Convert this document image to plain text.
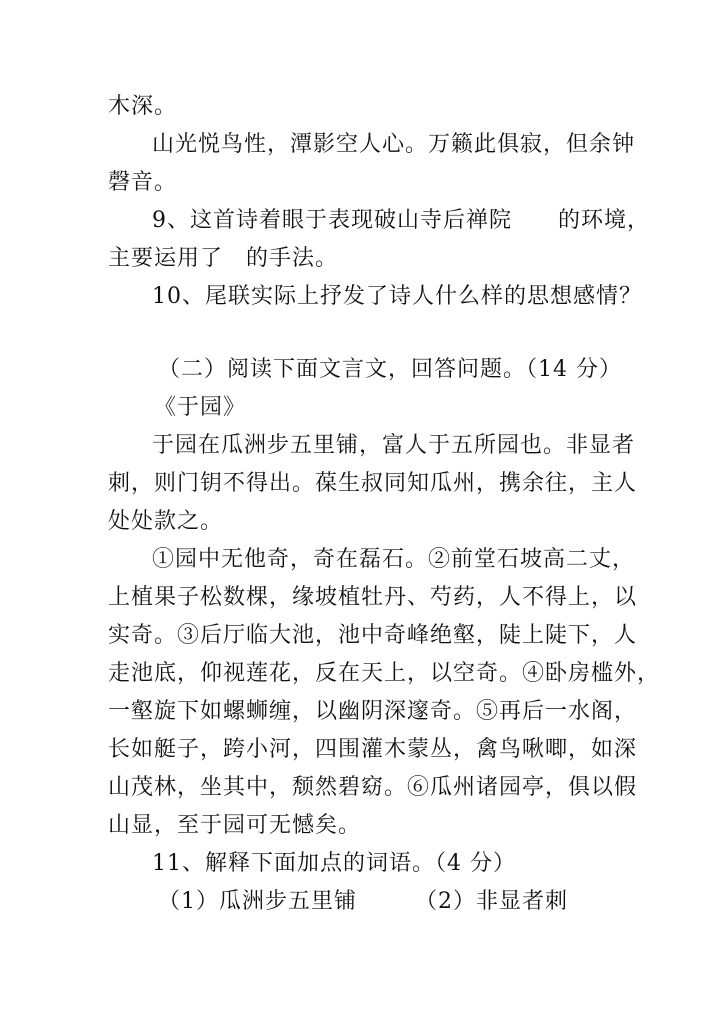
木深。
山光悦鸟性，潭影空人心。万籁此俱寂，但余钟
磬音。
9、这首诗着眼于表现破山寺后禅院　　的环境，
主要运用了　的手法。
10、尾联实际上抒发了诗人什么样的思想感情？
（二）阅读下面文言文，回答问题。（14 分）
《于园》
于园在瓜洲步五里铺，富人于五所园也。非显者
刺，则门钥不得出。葆生叔同知瓜州，携余往，主人
处处款之。
①园中无他奇，奇在磊石。②前堂石坡高二丈，
上植果子松数棵，缘坡植牡丹、芍药，人不得上，以
实奇。③后厅临大池，池中奇峰绝壑，陡上陡下，人
走池底，仰视莲花，反在天上，以空奇。④卧房槛外，
一壑旋下如螺蛳缠，以幽阴深邃奇。⑤再后一水阁，
长如艇子，跨小河，四围灌木蒙丛，禽鸟啾唧，如深
山茂林，坐其中，颓然碧窈。⑥瓜州诸园亭，俱以假
山显，至于园可无憾矣。
11、解释下面加点的词语。（4 分）
（1）瓜洲步五里铺　　　（2）非显者刺
